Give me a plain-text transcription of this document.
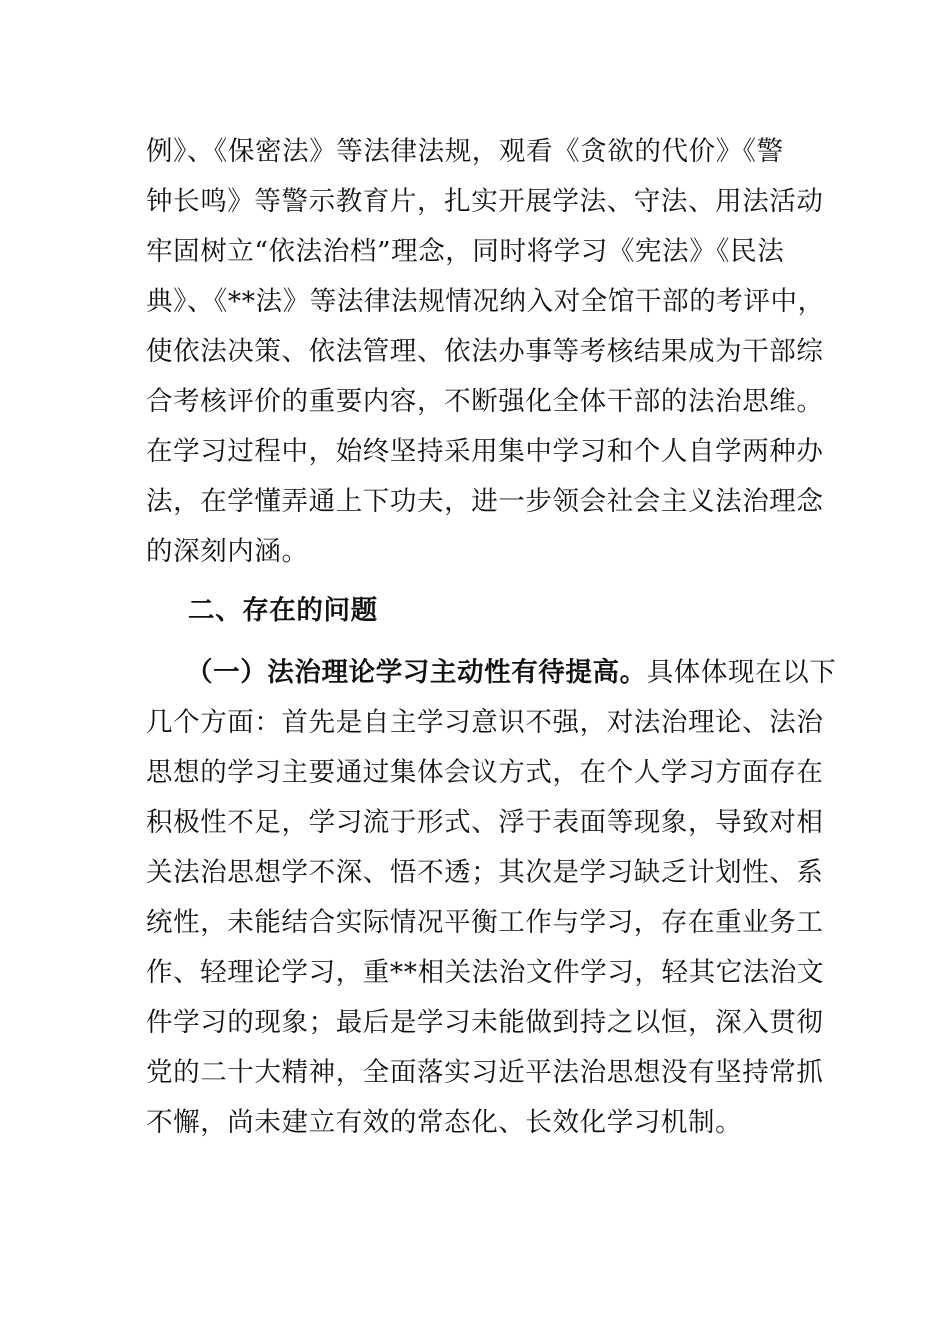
例》、《保密法》等法律法规，观看《贪欲的代价》《警
钟长鸣》等警示教育片，扎实开展学法、守法、用法活动
牢固树立“依法治档”理念，同时将学习《宪法》《民法
典》、《**法》等法律法规情况纳入对全馆干部的考评中，
使依法决策、依法管理、依法办事等考核结果成为干部综
合考核评价的重要内容，不断强化全体干部的法治思维。
在学习过程中，始终坚持采用集中学习和个人自学两种办
法，在学懂弄通上下功夫，进一步领会社会主义法治理念
的深刻内涵。
二、存在的问题
（一）法治理论学习主动性有待提高。具体体现在以下
几个方面：首先是自主学习意识不强，对法治理论、法治
思想的学习主要通过集体会议方式，在个人学习方面存在
积极性不足，学习流于形式、浮于表面等现象，导致对相
关法治思想学不深、悟不透；其次是学习缺乏计划性、系
统性，未能结合实际情况平衡工作与学习，存在重业务工
作、轻理论学习，重**相关法治文件学习，轻其它法治文
件学习的现象；最后是学习未能做到持之以恒，深入贯彻
党的二十大精神，全面落实习近平法治思想没有坚持常抓
不懈，尚未建立有效的常态化、长效化学习机制。
